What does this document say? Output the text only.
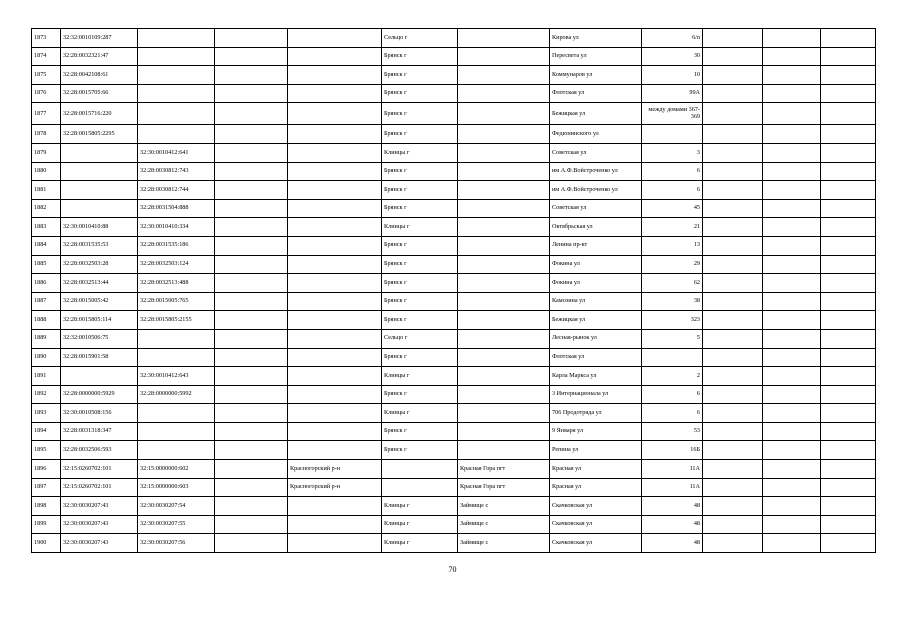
1873	32:32:0010109:287				Сельцо г		Кирова ул	6/n			
1874	32:28:0032321:47				Брянск г		Пересвета ул	30			
1875	32:28:0042108:61				Брянск г		Коммунаров ул	10			
1876	32:28:0015705:66				Брянск г		Флотская ул	99А			
1877	32:28:0015716:220				Брянск г		Бежицкая ул	между домами 367-369			
1878	32:28:0015805:2295				Брянск г		Федюнинского ул				
1879		32:30:0010412:641			Клинцы г		Советская ул	3			
1880		32:28:0030812:743			Брянск г		им А.Ф.Войстроченко ул	6			
1881		32:28:0030812:744			Брянск г		им А.Ф.Войстроченко ул	6			
1882		32:28:0031504:888			Брянск г		Советская ул	45			
1883	32:30:0010410:88	32:30:0010410:334			Клинцы г		Октябрьская ул	21			
1884	32:28:0031535:53	32:28:0031535:186			Брянск г		Ленина пр-кт	13			
1885	32:28:0032503:28	32:28:0032503:124			Брянск г		Фокина ул	29			
1886	32:28:0032513:44	32:28:0032513:488			Брянск г		Фокина ул	62			
1887	32:28:0015005:42	32:28:0015005:765			Брянск г		Камозина ул	38			
1888	32:28:0015805:114	32:28:0015805:2155			Брянск г		Бежицкая ул	323			
1889	32:32:0010506:75				Сельцо г		Лесная-рынок ул	5			
1890	32:28:0015901:58				Брянск г		Флотская ул				
1891		32:30:0010412:643			Клинцы г		Карла Маркса ул	2			
1892	32:28:0000000:5929	32:28:0000000:5992			Брянск г		3 Интернационала ул	6			
1893	32:30:0010508:156				Клинцы г		706 Продотряда ул	6			
1894	32:28:0031318:347				Брянск г		9 Января ул	53			
1895	32:28:0032506:593				Брянск г		Репина ул	16Б			
1896	32:15:0260702:101	32:15:0000000:602		Красногорский р-н		Красная Гора пгт	Красная ул	11А			
1897	32:15:0260702:101	32:15:0000000:603		Красногорский р-н		Красная Гора пгт	Красная ул	11А			
1898	32:30:0030207:43	32:30:0030207:54			Клинцы г	Займище с	Скачковская ул	48			
1899	32:30:0030207:43	32:30:0030207:55			Клинцы г	Займище с	Скачковская ул	48			
1900	32:30:0030207:43	32:30:0030207:56			Клинцы г	Займище с	Скачковская ул	48			
70
